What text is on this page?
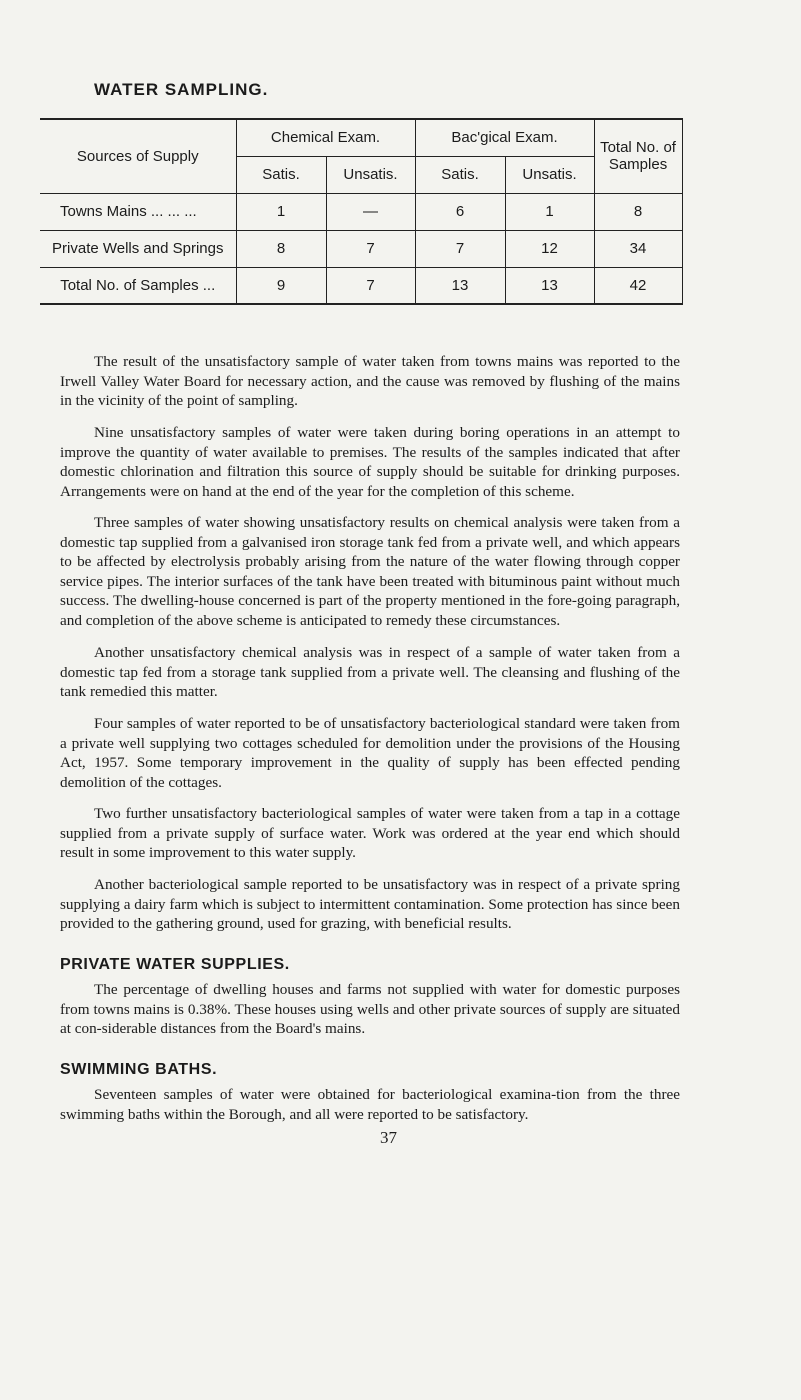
WATER SAMPLING.
Sources of Supply	Chemical Exam.		Bac'gical Exam.		Total No. of Samples
	Satis.	Unsatis.	Satis.	Unsatis.	
Towns Mains ... ... ...	1	—	6	1	8
Private Wells and Springs	8	7	7	12	34
Total No. of Samples ...	9	7	13	13	42

The result of the unsatisfactory sample of water taken from towns mains was reported to the Irwell Valley Water Board for necessary action, and the cause was removed by flushing of the mains in the vicinity of the point of sampling.

Nine unsatisfactory samples of water were taken during boring operations in an attempt to improve the quantity of water available to premises. The results of the samples indicated that after domestic chlorination and filtration this source of supply should be suitable for drinking purposes. Arrangements were on hand at the end of the year for the completion of this scheme.

Three samples of water showing unsatisfactory results on chemical analysis were taken from a domestic tap supplied from a galvanised iron storage tank fed from a private well, and which appears to be affected by electrolysis probably arising from the nature of the water flowing through copper service pipes. The interior surfaces of the tank have been treated with bituminous paint without much success. The dwelling-house concerned is part of the property mentioned in the fore-going paragraph, and completion of the above scheme is anticipated to remedy these circumstances.

Another unsatisfactory chemical analysis was in respect of a sample of water taken from a domestic tap fed from a storage tank supplied from a private well. The cleansing and flushing of the tank remedied this matter.

Four samples of water reported to be of unsatisfactory bacteriological standard were taken from a private well supplying two cottages scheduled for demolition under the provisions of the Housing Act, 1957. Some temporary improvement in the quality of supply has been effected pending demolition of the cottages.

Two further unsatisfactory bacteriological samples of water were taken from a tap in a cottage supplied from a private supply of surface water. Work was ordered at the year end which should result in some improvement to this water supply.

Another bacteriological sample reported to be unsatisfactory was in respect of a private spring supplying a dairy farm which is subject to intermittent contamination. Some protection has since been provided to the gathering ground, used for grazing, with beneficial results.

PRIVATE WATER SUPPLIES.

The percentage of dwelling houses and farms not supplied with water for domestic purposes from towns mains is 0.38%. These houses using wells and other private sources of supply are situated at con-siderable distances from the Board's mains.

37
SWIMMING BATHS.

Seventeen samples of water were obtained for bacteriological examina-tion from the three swimming baths within the Borough, and all were reported to be satisfactory.
